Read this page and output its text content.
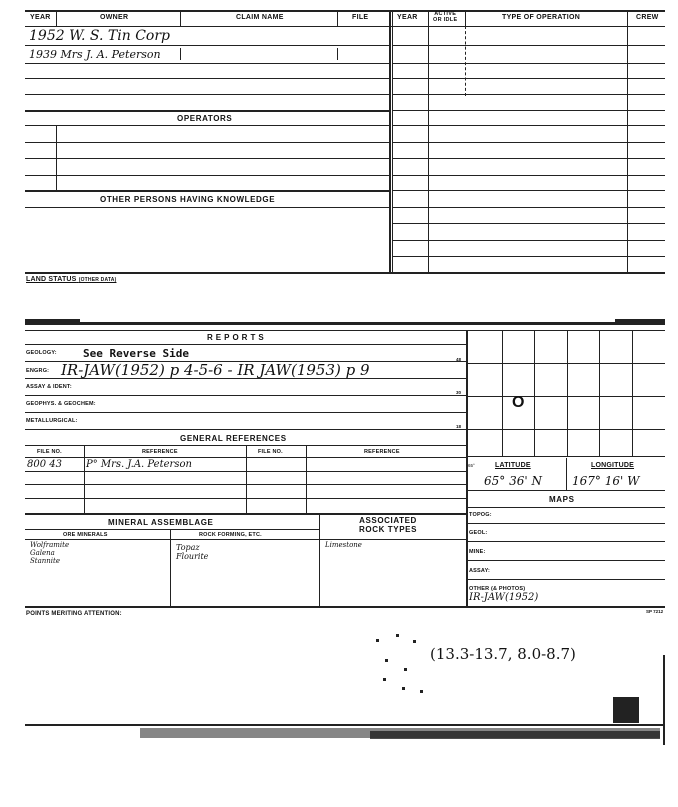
YEAR	OWNER	CLAIM NAME	FILE	YEAR	ACTIVE
OR IDLE	TYPE OF OPERATION	CREW
1952 W. S. Tin Corp
1939 Mrs J. A. Peterson
OPERATORS
OTHER PERSONS HAVING KNOWLEDGE
LAND STATUS (OTHER DATA)
REPORTS
GEOLOGY: See Reverse Side
ENGRG: IR-JAW(1952) p 4-5-6 - IR JAW(1953) p 9
ASSAY & IDENT:
GEOPHYS. & GEOCHEM:
METALLURGICAL:
48
30
18
GENERAL REFERENCES
FILE NO.	REFERENCE	FILE NO.	REFERENCE
800 43 P° Mrs. J.A. Peterson
MINERAL ASSEMBLAGE	ASSOCIATED
ROCK TYPES
ORE MINERALS	ROCK FORMING, ETC.
Wolframite
Galena
Stannite
Topaz
Flourite
Limestone
O
LATITUDE	LONGITUDE
65°
65° 36' N	167° 16' W
MAPS
TOPOG:
GEOL:
MINE:
ASSAY:
OTHER (& PHOTOS)
IR-JAW(1952)
POINTS MERITING ATTENTION:	SP 7212
(13.3-13.7, 8.0-8.7)
